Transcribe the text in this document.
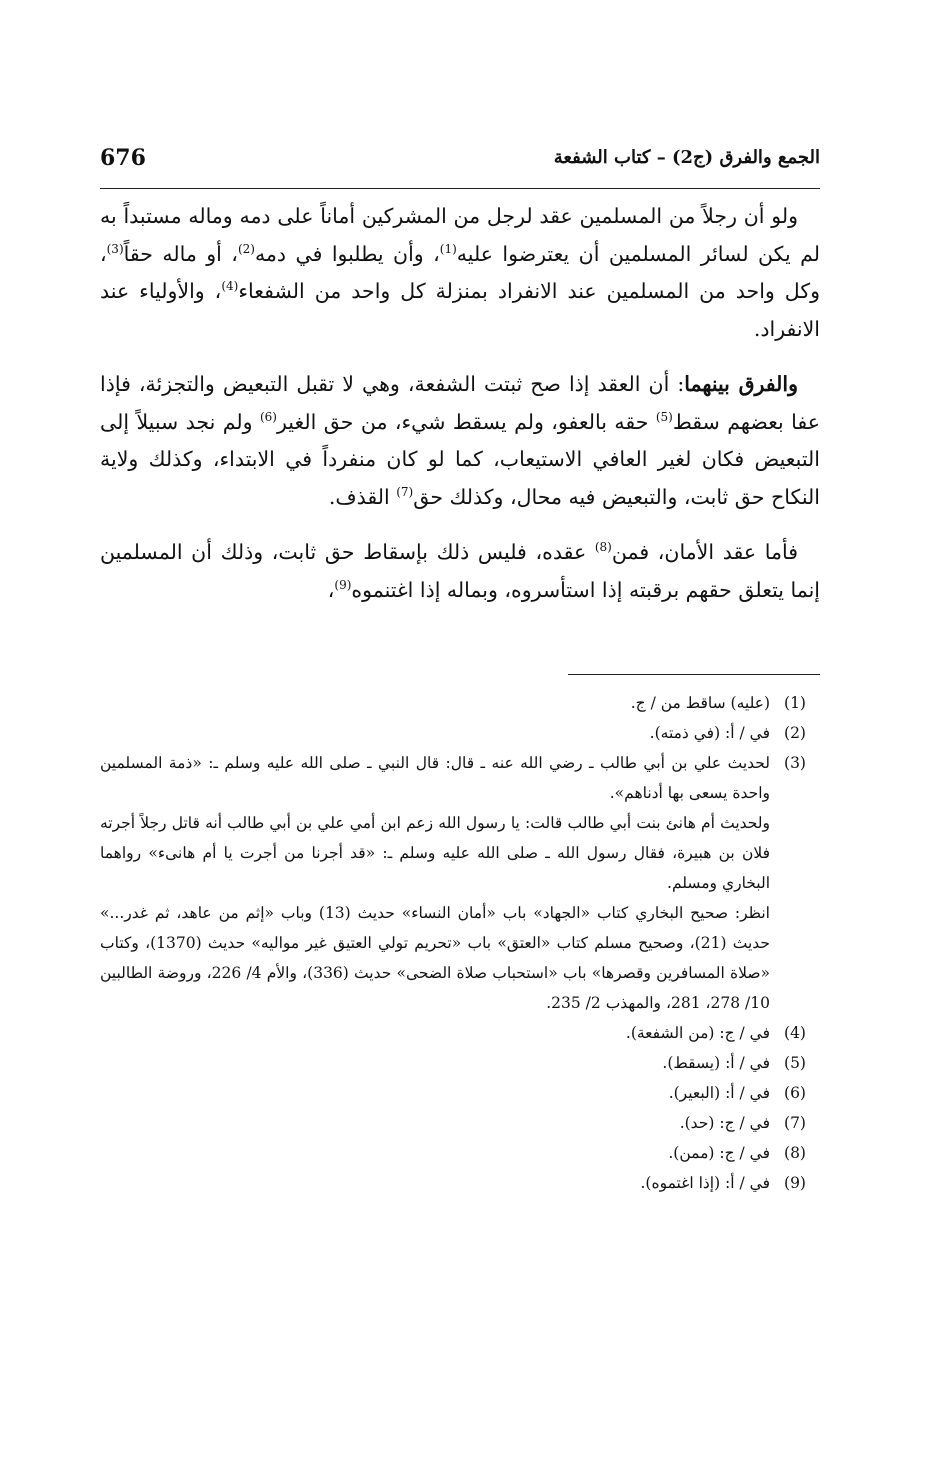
676	الجمع والفرق (ج2) – كتاب الشفعة

ولو أن رجلاً من المسلمين عقد لرجل من المشركين أماناً على دمه وماله مستبداً به لم يكن لسائر المسلمين أن يعترضوا عليه$^{(1)}$، وأن يطلبوا في دمه$^{(2)}$، أو ماله حقاً$^{(3)}$، وكل واحد من المسلمين عند الانفراد بمنزلة كل واحد من الشفعاء$^{(4)}$، والأولياء عند الانفراد.

والفرق بينهما: أن العقد إذا صح ثبتت الشفعة، وهي لا تقبل التبعيض والتجزئة، فإذا عفا بعضهم سقط$^{(5)}$ حقه بالعفو، ولم يسقط شيء، من حق الغير$^{(6)}$ ولم نجد سبيلاً إلى التبعيض فكان لغير العافي الاستيعاب، كما لو كان منفرداً في الابتداء، وكذلك ولاية النكاح حق ثابت، والتبعيض فيه محال، وكذلك حق$^{(7)}$ القذف.

فأما عقد الأمان، فمن$^{(8)}$ عقده، فليس ذلك بإسقاط حق ثابت، وذلك أن المسلمين إنما يتعلق حقهم برقبته إذا استأسروه، وبماله إذا اغتنموه$^{(9)}$،

(1)

(عليه) ساقط من / ج.

(2)

في / أ: (في ذمته).

(3)

لحديث علي بن أبي طالب ـ رضي الله عنه ـ قال: قال النبي ـ صلى الله عليه وسلم ـ: «ذمة المسلمين واحدة يسعى بها أدناهم».

ولحديث أم هانئ بنت أبي طالب قالت: يا رسول الله زعم ابن أمي علي بن أبي طالب أنه قاتل رجلاً أجرته فلان بن هبيرة، فقال رسول الله ـ صلى الله عليه وسلم ـ: «قد أجرنا من أجرت يا أم هانىء» رواهما البخاري ومسلم.

انظر: صحيح البخاري كتاب «الجهاد» باب «أمان النساء» حديث (13) وباب «إثم من عاهد، ثم غدر...» حديث (21)، وصحيح مسلم كتاب «العتق» باب «تحريم تولي العتيق غير مواليه» حديث (1370)، وكتاب «صلاة المسافرين وقصرها» باب «استحباب صلاة الضحى» حديث (336)، والأم 4/ 226، وروضة الطالبين 10/ 278، 281، والمهذب 2/ 235.

(4)

في / ج: (من الشفعة).

(5)

في / أ: (يسقط).

(6)

في / أ: (البعير).

(7)

في / ج: (حد).

(8)

في / ج: (ممن).

(9)

في / أ: (إذا اغتموه).
